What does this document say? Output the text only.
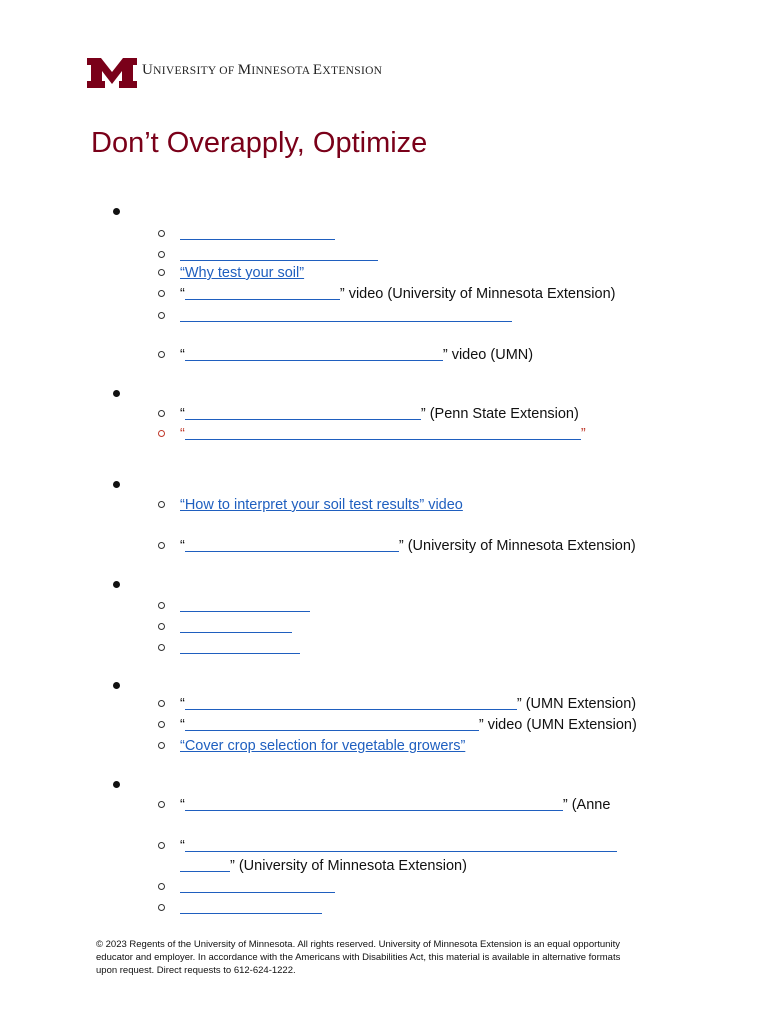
UNIVERSITY OF MINNESOTA EXTENSION
Don’t Overapply, Optimize
“Why test your soil”
“	” video (University of Minnesota Extension)
“	” video (UMN)
“	” (Penn State Extension)
“	”
“How to interpret your soil test results” video
“	” (University of Minnesota Extension)
“	” (UMN Extension)
“	” video (UMN Extension)
“Cover crop selection for vegetable growers”
“	” (Anne
“
” (University of Minnesota Extension)
© 2023 Regents of the University of Minnesota. All rights reserved. University of Minnesota Extension is an equal opportunity educator and employer. In accordance with the Americans with Disabilities Act, this material is available in alternative formats upon request. Direct requests to 612-624-1222.
